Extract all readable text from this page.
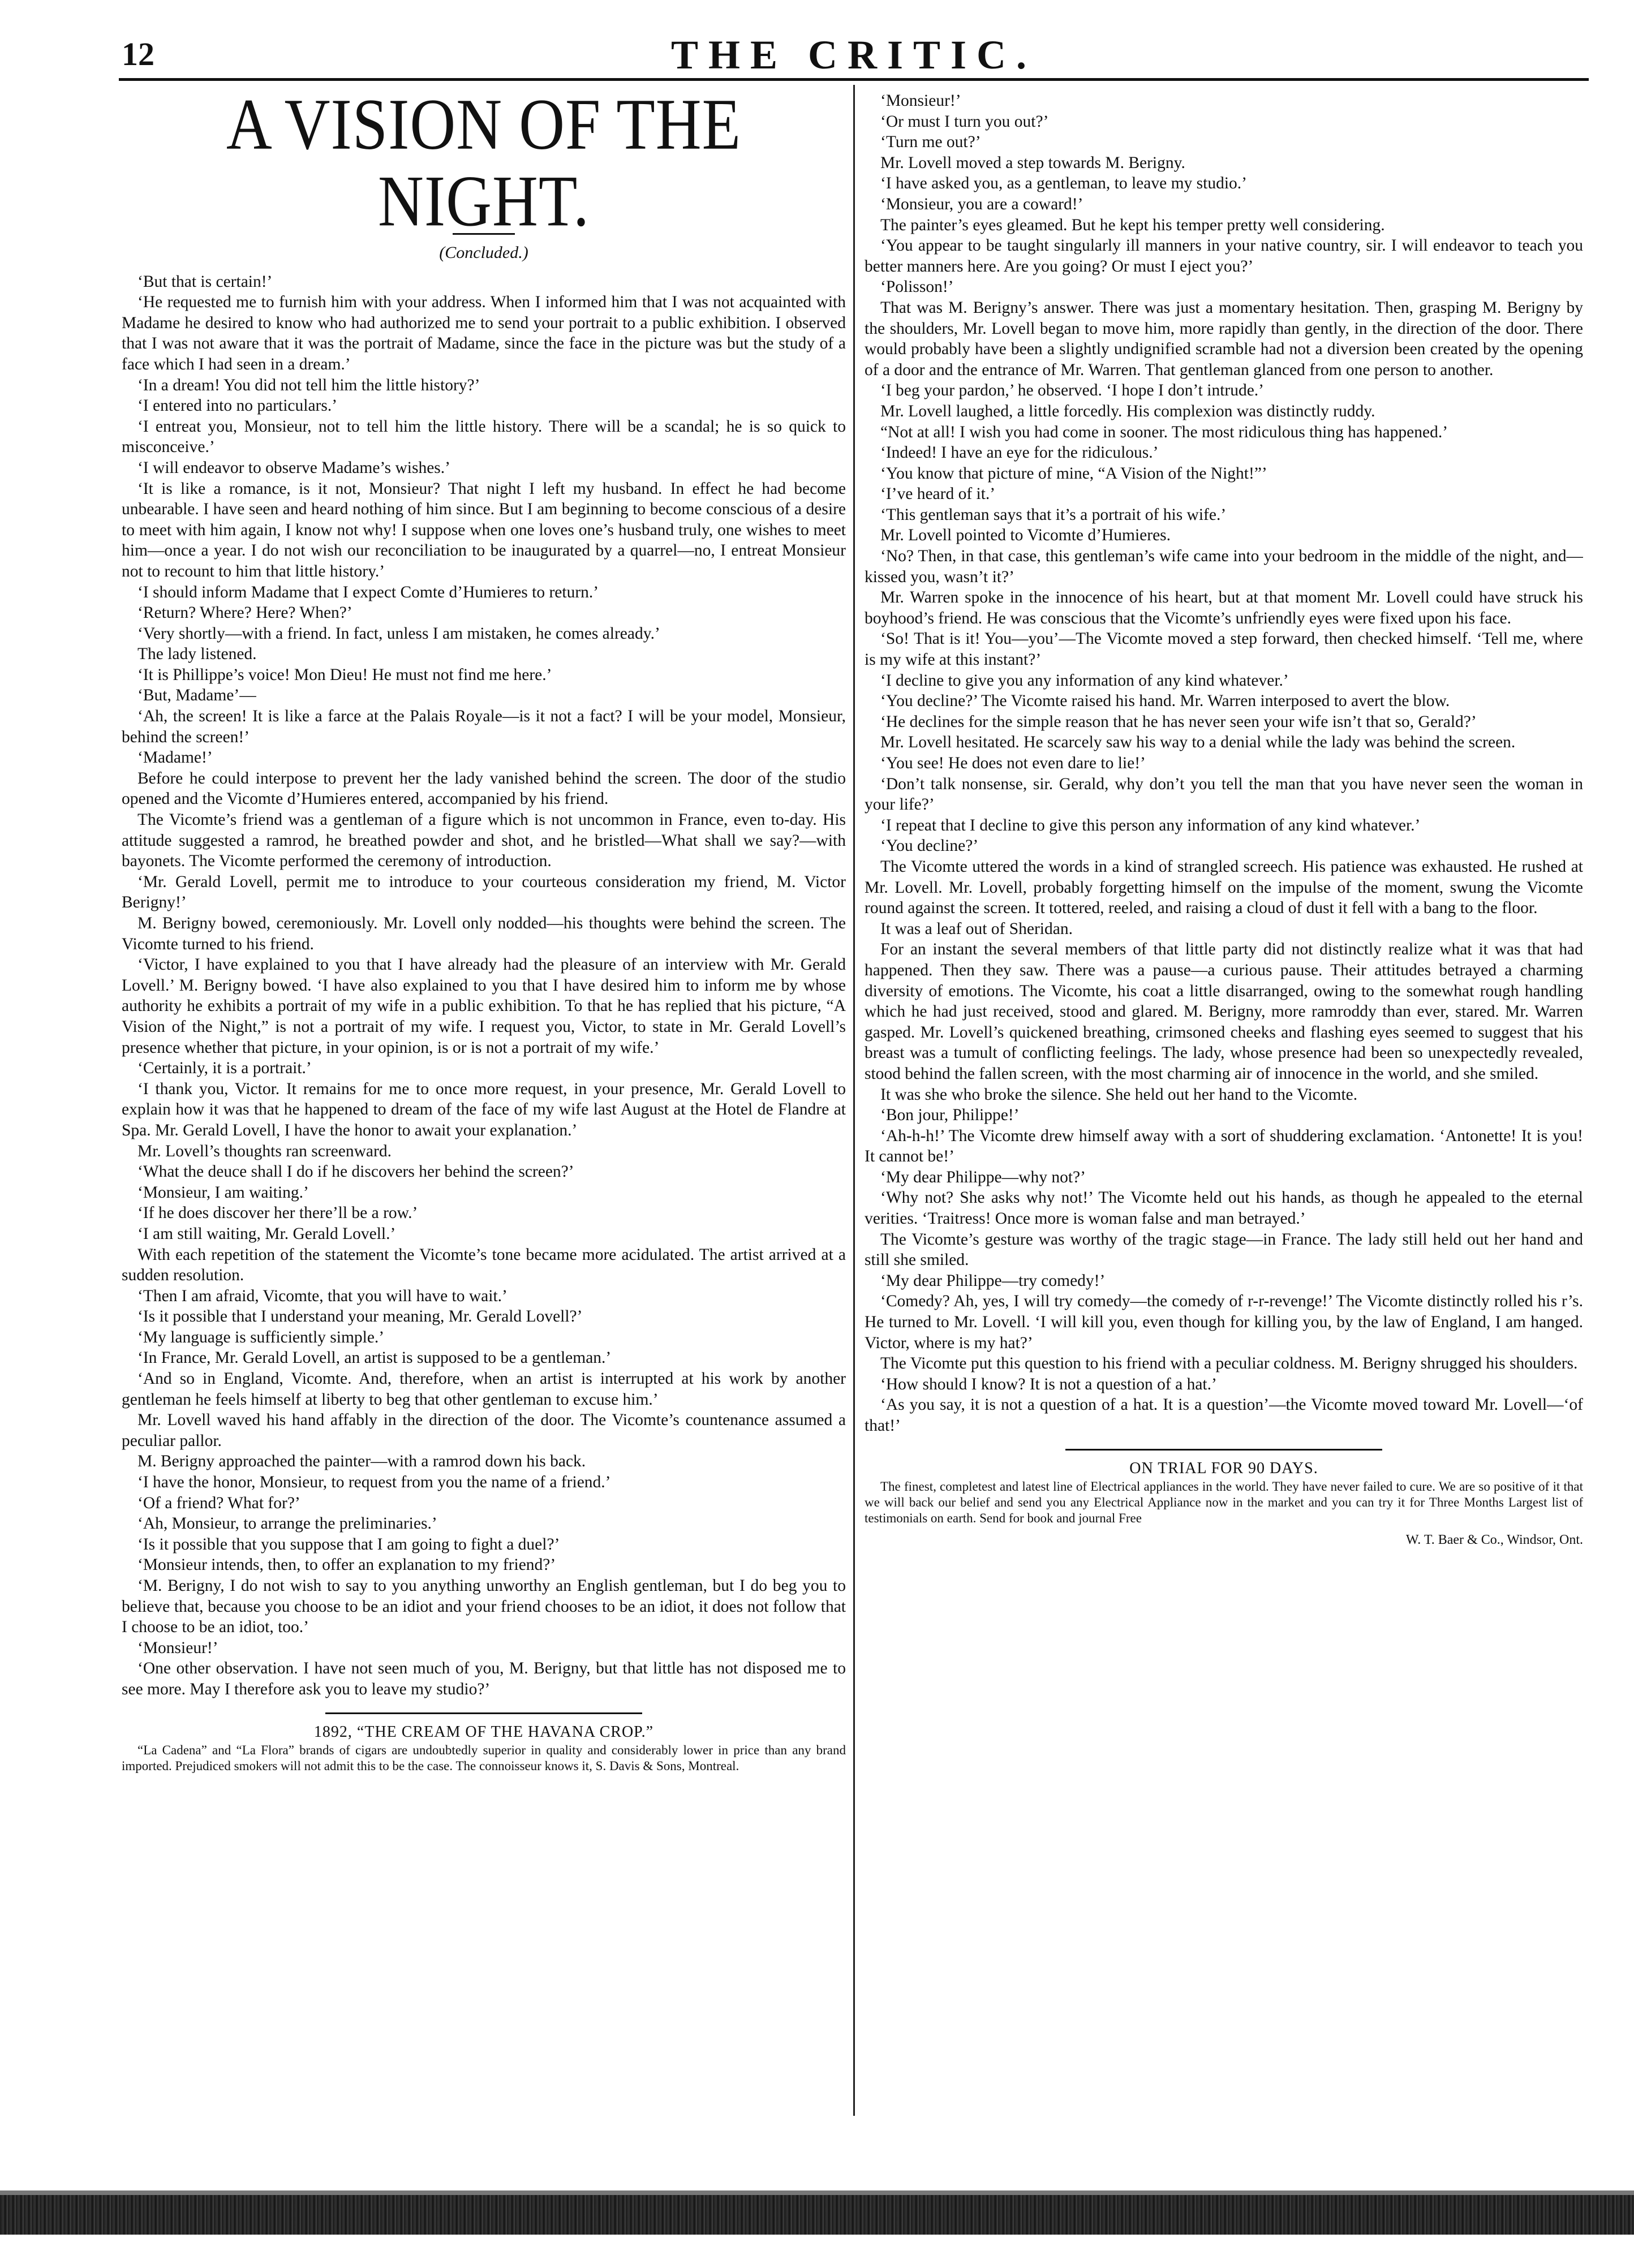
12	THE CRITIC.
A VISION OF THE NIGHT.
(Concluded.)

‘But that is certain!’

‘He requested me to furnish him with your address. When I informed him that I was not acquainted with Madame he desired to know who had authorized me to send your portrait to a public exhibition. I observed that I was not aware that it was the portrait of Madame, since the face in the picture was but the study of a face which I had seen in a dream.’

‘In a dream! You did not tell him the little history?’

‘I entered into no particulars.’

‘I entreat you, Monsieur, not to tell him the little history. There will be a scandal; he is so quick to misconceive.’

‘I will endeavor to observe Madame’s wishes.’

‘It is like a romance, is it not, Monsieur? That night I left my husband. In effect he had become unbearable. I have seen and heard nothing of him since. But I am beginning to become conscious of a desire to meet with him again, I know not why! I suppose when one loves one’s husband truly, one wishes to meet him—once a year. I do not wish our reconciliation to be inaugurated by a quarrel—no, I entreat Monsieur not to recount to him that little history.’

‘I should inform Madame that I expect Comte d’Humieres to return.’

‘Return? Where? Here? When?’

‘Very shortly—with a friend. In fact, unless I am mistaken, he comes already.’

The lady listened.

‘It is Phillippe’s voice! Mon Dieu! He must not find me here.’

‘But, Madame’—

‘Ah, the screen! It is like a farce at the Palais Royale—is it not a fact? I will be your model, Monsieur, behind the screen!’

‘Madame!’

Before he could interpose to prevent her the lady vanished behind the screen. The door of the studio opened and the Vicomte d’Humieres entered, accompanied by his friend.

The Vicomte’s friend was a gentleman of a figure which is not uncommon in France, even to-day. His attitude suggested a ramrod, he breathed powder and shot, and he bristled—What shall we say?—with bayonets. The Vicomte performed the ceremony of introduction.

‘Mr. Gerald Lovell, permit me to introduce to your courteous consideration my friend, M. Victor Berigny!’

M. Berigny bowed, ceremoniously. Mr. Lovell only nodded—his thoughts were behind the screen. The Vicomte turned to his friend.

‘Victor, I have explained to you that I have already had the pleasure of an interview with Mr. Gerald Lovell.’ M. Berigny bowed. ‘I have also explained to you that I have desired him to inform me by whose authority he exhibits a portrait of my wife in a public exhibition. To that he has replied that his picture, “A Vision of the Night,” is not a portrait of my wife. I request you, Victor, to state in Mr. Gerald Lovell’s presence whether that picture, in your opinion, is or is not a portrait of my wife.’

‘Certainly, it is a portrait.’

‘I thank you, Victor. It remains for me to once more request, in your presence, Mr. Gerald Lovell to explain how it was that he happened to dream of the face of my wife last August at the Hotel de Flandre at Spa. Mr. Gerald Lovell, I have the honor to await your explanation.’

Mr. Lovell’s thoughts ran screenward.

‘What the deuce shall I do if he discovers her behind the screen?’

‘Monsieur, I am waiting.’

‘If he does discover her there’ll be a row.’

‘I am still waiting, Mr. Gerald Lovell.’

With each repetition of the statement the Vicomte’s tone became more acidulated. The artist arrived at a sudden resolution.

‘Then I am afraid, Vicomte, that you will have to wait.’

‘Is it possible that I understand your meaning, Mr. Gerald Lovell?’

‘My language is sufficiently simple.’

‘In France, Mr. Gerald Lovell, an artist is supposed to be a gentleman.’

‘And so in England, Vicomte. And, therefore, when an artist is interrupted at his work by another gentleman he feels himself at liberty to beg that other gentleman to excuse him.’

Mr. Lovell waved his hand affably in the direction of the door. The Vicomte’s countenance assumed a peculiar pallor.

M. Berigny approached the painter—with a ramrod down his back.

‘I have the honor, Monsieur, to request from you the name of a friend.’

‘Of a friend? What for?’

‘Ah, Monsieur, to arrange the preliminaries.’

‘Is it possible that you suppose that I am going to fight a duel?’

‘Monsieur intends, then, to offer an explanation to my friend?’

‘M. Berigny, I do not wish to say to you anything unworthy an English gentleman, but I do beg you to believe that, because you choose to be an idiot and your friend chooses to be an idiot, it does not follow that I choose to be an idiot, too.’

‘Monsieur!’

‘One other observation. I have not seen much of you, M. Berigny, but that little has not disposed me to see more. May I therefore ask you to leave my studio?’

1892, “THE CREAM OF THE HAVANA CROP.”

“La Cadena” and “La Flora” brands of cigars are undoubtedly superior in quality and considerably lower in price than any brand imported. Prejudiced smokers will not admit this to be the case. The connoisseur knows it, S. Davis & Sons, Montreal.

‘Monsieur!’

‘Or must I turn you out?’

‘Turn me out?’

Mr. Lovell moved a step towards M. Berigny.

‘I have asked you, as a gentleman, to leave my studio.’

‘Monsieur, you are a coward!’

The painter’s eyes gleamed. But he kept his temper pretty well considering.

‘You appear to be taught singularly ill manners in your native country, sir. I will endeavor to teach you better manners here. Are you going? Or must I eject you?’

‘Polisson!’

That was M. Berigny’s answer. There was just a momentary hesitation. Then, grasping M. Berigny by the shoulders, Mr. Lovell began to move him, more rapidly than gently, in the direction of the door. There would probably have been a slightly undignified scramble had not a diversion been created by the opening of a door and the entrance of Mr. Warren. That gentleman glanced from one person to another.

‘I beg your pardon,’ he observed. ‘I hope I don’t intrude.’

Mr. Lovell laughed, a little forcedly. His complexion was distinctly ruddy.

“Not at all! I wish you had come in sooner. The most ridiculous thing has happened.’

‘Indeed! I have an eye for the ridiculous.’

‘You know that picture of mine, “A Vision of the Night!”’

‘I’ve heard of it.’

‘This gentleman says that it’s a portrait of his wife.’

Mr. Lovell pointed to Vicomte d’Humieres.

‘No? Then, in that case, this gentleman’s wife came into your bedroom in the middle of the night, and—kissed you, wasn’t it?’

Mr. Warren spoke in the innocence of his heart, but at that moment Mr. Lovell could have struck his boyhood’s friend. He was conscious that the Vicomte’s unfriendly eyes were fixed upon his face.

‘So! That is it! You—you’—The Vicomte moved a step forward, then checked himself. ‘Tell me, where is my wife at this instant?’

‘I decline to give you any information of any kind whatever.’

‘You decline?’ The Vicomte raised his hand. Mr. Warren interposed to avert the blow.

‘He declines for the simple reason that he has never seen your wife isn’t that so, Gerald?’

Mr. Lovell hesitated. He scarcely saw his way to a denial while the lady was behind the screen.

‘You see! He does not even dare to lie!’

‘Don’t talk nonsense, sir. Gerald, why don’t you tell the man that you have never seen the woman in your life?’

‘I repeat that I decline to give this person any information of any kind whatever.’

‘You decline?’

The Vicomte uttered the words in a kind of strangled screech. His patience was exhausted. He rushed at Mr. Lovell. Mr. Lovell, probably forgetting himself on the impulse of the moment, swung the Vicomte round against the screen. It tottered, reeled, and raising a cloud of dust it fell with a bang to the floor.

It was a leaf out of Sheridan.

For an instant the several members of that little party did not distinctly realize what it was that had happened. Then they saw. There was a pause—a curious pause. Their attitudes betrayed a charming diversity of emotions. The Vicomte, his coat a little disarranged, owing to the somewhat rough handling which he had just received, stood and glared. M. Berigny, more ramroddy than ever, stared. Mr. Warren gasped. Mr. Lovell’s quickened breathing, crimsoned cheeks and flashing eyes seemed to suggest that his breast was a tumult of conflicting feelings. The lady, whose presence had been so unexpectedly revealed, stood behind the fallen screen, with the most charming air of innocence in the world, and she smiled.

It was she who broke the silence. She held out her hand to the Vicomte.

‘Bon jour, Philippe!’

‘Ah-h-h!’ The Vicomte drew himself away with a sort of shuddering exclamation. ‘Antonette! It is you! It cannot be!’

‘My dear Philippe—why not?’

‘Why not? She asks why not!’ The Vicomte held out his hands, as though he appealed to the eternal verities. ‘Traitress! Once more is woman false and man betrayed.’

The Vicomte’s gesture was worthy of the tragic stage—in France. The lady still held out her hand and still she smiled.

‘My dear Philippe—try comedy!’

‘Comedy? Ah, yes, I will try comedy—the comedy of r-r-revenge!’ The Vicomte distinctly rolled his r’s. He turned to Mr. Lovell. ‘I will kill you, even though for killing you, by the law of England, I am hanged. Victor, where is my hat?’

The Vicomte put this question to his friend with a peculiar coldness. M. Berigny shrugged his shoulders.

‘How should I know? It is not a question of a hat.’

‘As you say, it is not a question of a hat. It is a question’—the Vicomte moved toward Mr. Lovell—‘of that!’

ON TRIAL FOR 90 DAYS.

The finest, completest and latest line of Electrical appliances in the world. They have never failed to cure. We are so positive of it that we will back our belief and send you any Electrical Appliance now in the market and you can try it for Three Months Largest list of testimonials on earth. Send for book and journal Free

W. T. Baer & Co., Windsor, Ont.
